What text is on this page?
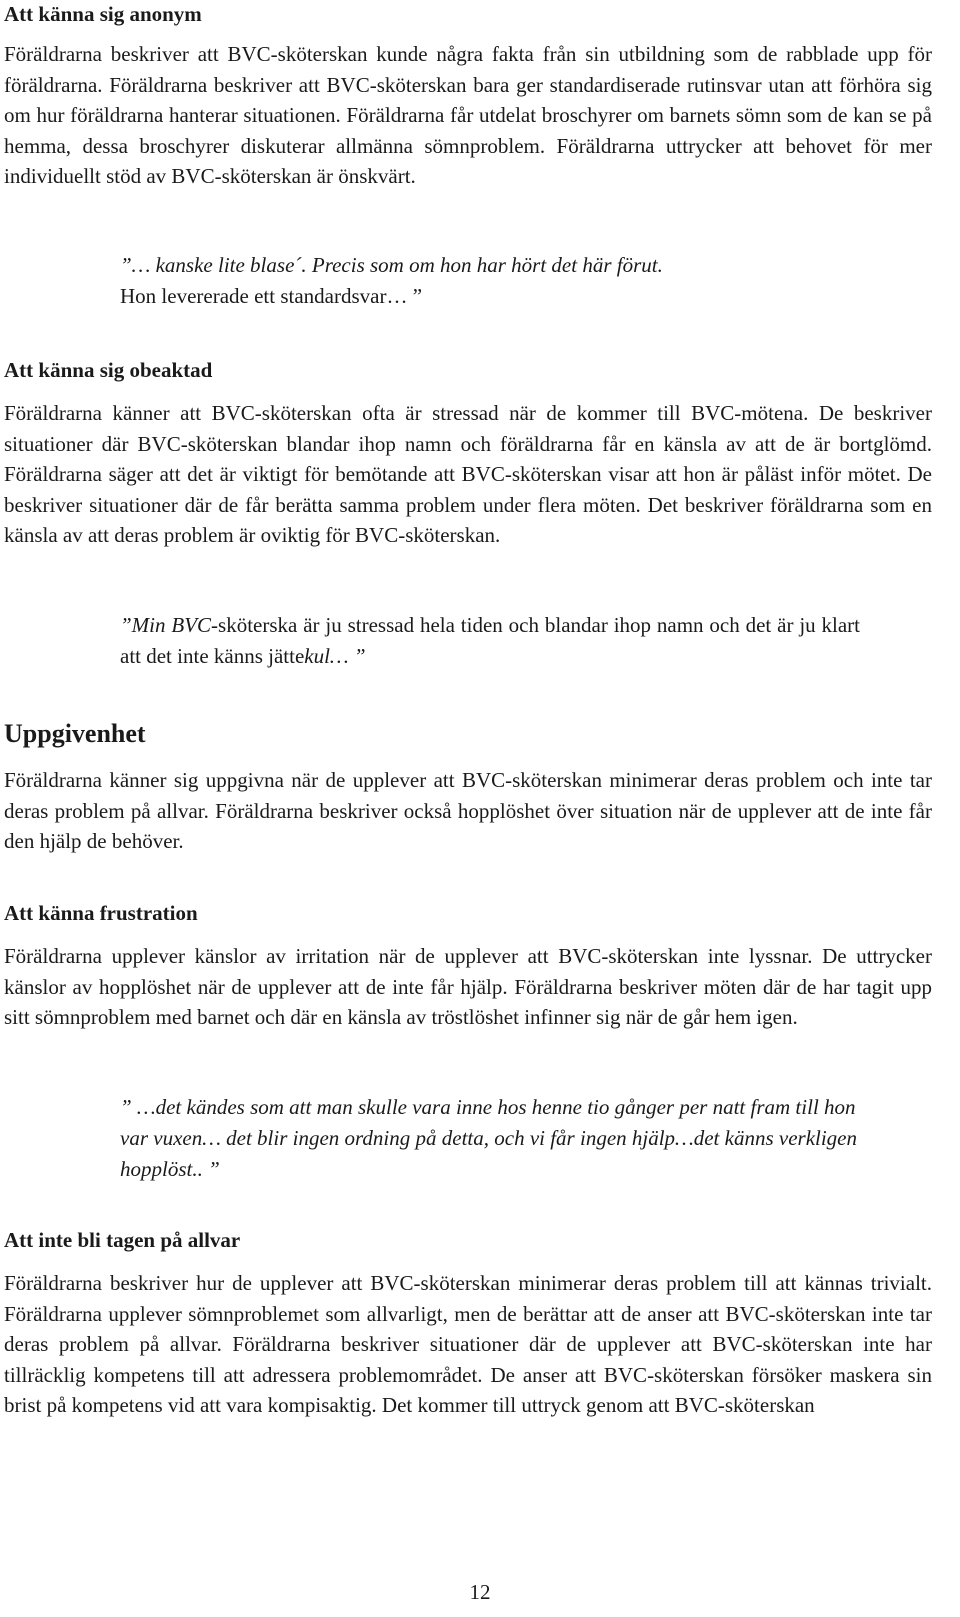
Att känna sig anonym

Föräldrarna beskriver att BVC-sköterskan kunde några fakta från sin utbildning som de rabblade upp för föräldrarna. Föräldrarna beskriver att BVC-sköterskan bara ger standardiserade rutinsvar utan att förhöra sig om hur föräldrarna hanterar situationen. Föräldrarna får utdelat broschyrer om barnets sömn som de kan se på hemma, dessa broschyrer diskuterar allmänna sömnproblem. Föräldrarna uttrycker att behovet för mer individuellt stöd av BVC-sköterskan är önskvärt.

”… kanske lite blase´. Precis som om hon har hört det här förut.
Hon levererade ett standardsvar… ”
Att känna sig obeaktad

Föräldrarna känner att BVC-sköterskan ofta är stressad när de kommer till BVC-mötena. De beskriver situationer där BVC-sköterskan blandar ihop namn och föräldrarna får en känsla av att de är bortglömd. Föräldrarna säger att det är viktigt för bemötande att BVC-sköterskan visar att hon är påläst inför mötet. De beskriver situationer där de får berätta samma problem under flera möten. Det beskriver föräldrarna som en känsla av att deras problem är oviktig för BVC-sköterskan.

”Min BVC-sköterska är ju stressad hela tiden och blandar ihop namn och det är ju klart att det inte känns jättekul… ”
Uppgivenhet

Föräldrarna känner sig uppgivna när de upplever att BVC-sköterskan minimerar deras problem och inte tar deras problem på allvar. Föräldrarna beskriver också hopplöshet över situation när de upplever att de inte får den hjälp de behöver.

Att känna frustration

Föräldrarna upplever känslor av irritation när de upplever att BVC-sköterskan inte lyssnar. De uttrycker känslor av hopplöshet när de upplever att de inte får hjälp. Föräldrarna beskriver möten där de har tagit upp sitt sömnproblem med barnet och där en känsla av tröstlöshet infinner sig när de går hem igen.

” …det kändes som att man skulle vara inne hos henne tio gånger per natt fram till hon var vuxen… det blir ingen ordning på detta, och vi får ingen hjälp…det känns verkligen hopplöst.. ”
Att inte bli tagen på allvar

Föräldrarna beskriver hur de upplever att BVC-sköterskan minimerar deras problem till att kännas trivialt. Föräldrarna upplever sömnproblemet som allvarligt, men de berättar att de anser att BVC-sköterskan inte tar deras problem på allvar. Föräldrarna beskriver situationer där de upplever att BVC-sköterskan inte har tillräcklig kompetens till att adressera problemområdet. De anser att BVC-sköterskan försöker maskera sin brist på kompetens vid att vara kompisaktig. Det kommer till uttryck genom att BVC-sköterskan

12
